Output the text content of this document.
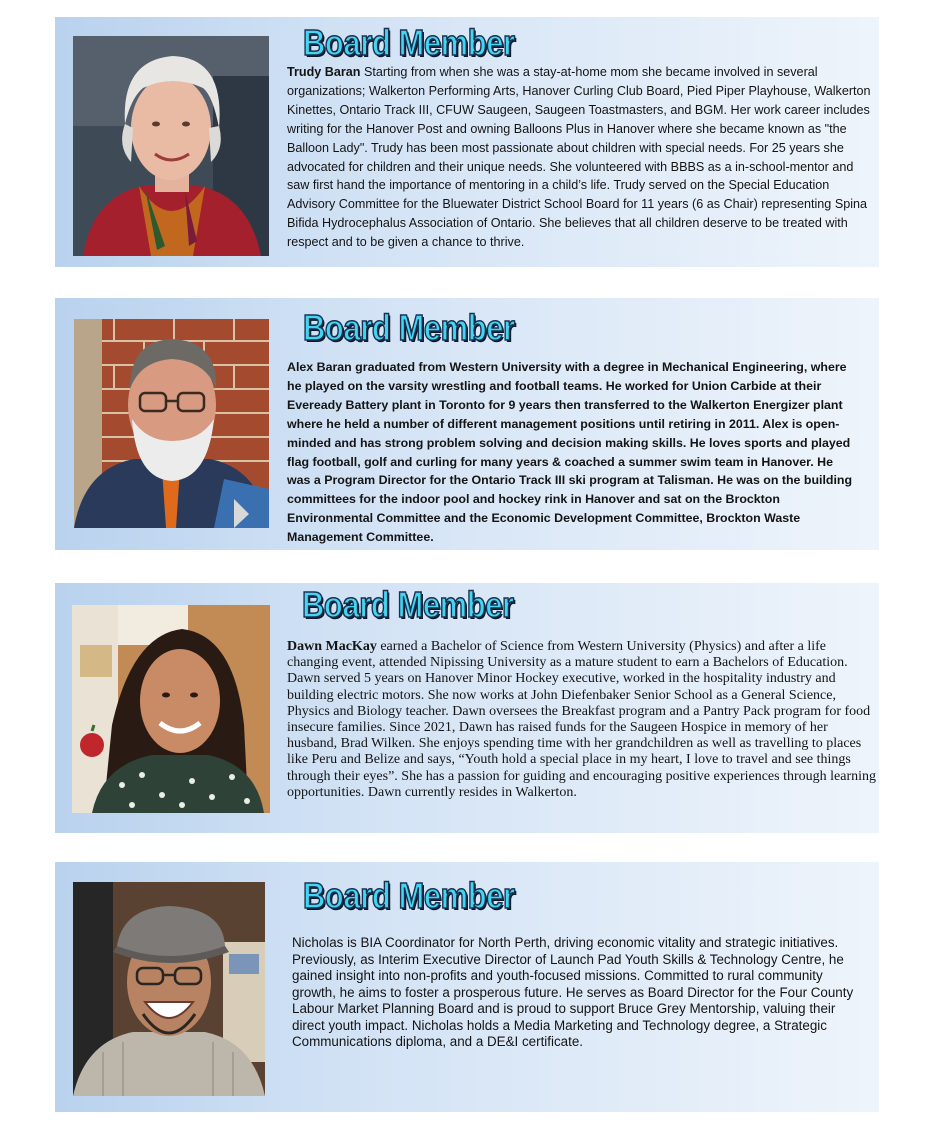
Board Member

Trudy Baran Starting from when she was a stay-at-home mom she became involved in several organizations; Walkerton Performing Arts, Hanover Curling Club Board, Pied Piper Playhouse, Walkerton Kinettes, Ontario Track III, CFUW Saugeen, Saugeen Toastmasters, and BGM. Her work career includes writing for the Hanover Post and owning Balloons Plus in Hanover where she became known as "the Balloon Lady". Trudy has been most passionate about children with special needs. For 25 years she advocated for children and their unique needs. She volunteered with BBBS as a in-school-mentor and saw first hand the importance of mentoring in a child’s life. Trudy served on the Special Education Advisory Committee for the Bluewater District School Board for 11 years (6 as Chair) representing Spina Bifida Hydrocephalus Association of Ontario. She believes that all children deserve to be treated with respect and to be given a chance to thrive.

Board Member

Alex Baran graduated from Western University with a degree in Mechanical Engineering, where he played on the varsity wrestling and football teams. He worked for Union Carbide at their Eveready Battery plant in Toronto for 9 years then transferred to the Walkerton Energizer plant where he held a number of different management positions until retiring in 2011. Alex is open- minded and has strong problem solving and decision making skills. He loves sports and played flag football, golf and curling for many years & coached a summer swim team in Hanover. He was a Program Director for the Ontario Track III ski program at Talisman. He was on the building committees for the indoor pool and hockey rink in Hanover and sat on the Brockton Environmental Committee and the Economic Development Committee, Brockton Waste Management Committee.

Board Member

Dawn MacKay earned a Bachelor of Science from Western University (Physics) and after a life changing event, attended Nipissing University as a mature student to earn a Bachelors of Education. Dawn served 5 years on Hanover Minor Hockey executive, worked in the hospitality industry and building electric motors. She now works at John Diefenbaker Senior School as a General Science, Physics and Biology teacher. Dawn oversees the Breakfast program and a Pantry Pack program for food insecure families. Since 2021, Dawn has raised funds for the Saugeen Hospice in memory of her husband, Brad Wilken. She enjoys spending time with her grandchildren as well as travelling to places like Peru and Belize and says, “Youth hold a special place in my heart, I love to travel and see things through their eyes”. She has a passion for guiding and encouraging positive experiences through learning opportunities. Dawn currently resides in Walkerton.

Board Member

Nicholas is BIA Coordinator for North Perth, driving economic vitality and strategic initiatives. Previously, as Interim Executive Director of Launch Pad Youth Skills & Technology Centre, he gained insight into non-profits and youth-focused missions. Committed to rural community growth, he aims to foster a prosperous future. He serves as Board Director for the Four County Labour Market Planning Board and is proud to support Bruce Grey Mentorship, valuing their direct youth impact. Nicholas holds a Media Marketing and Technology degree, a Strategic Communications diploma, and a DE&I certificate.
